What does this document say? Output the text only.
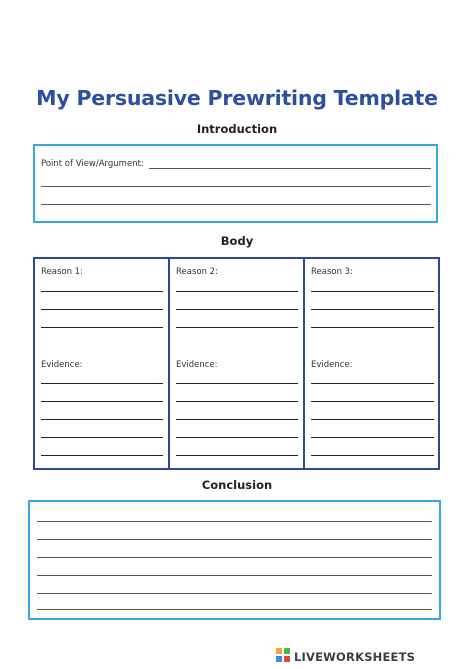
My Persuasive Prewriting Template
Introduction
Point of View/Argument:
Body
Reason 1:
Evidence:
Reason 2:
Evidence:
Reason 3:
Evidence:
Conclusion
LIVEWORKSHEETS
